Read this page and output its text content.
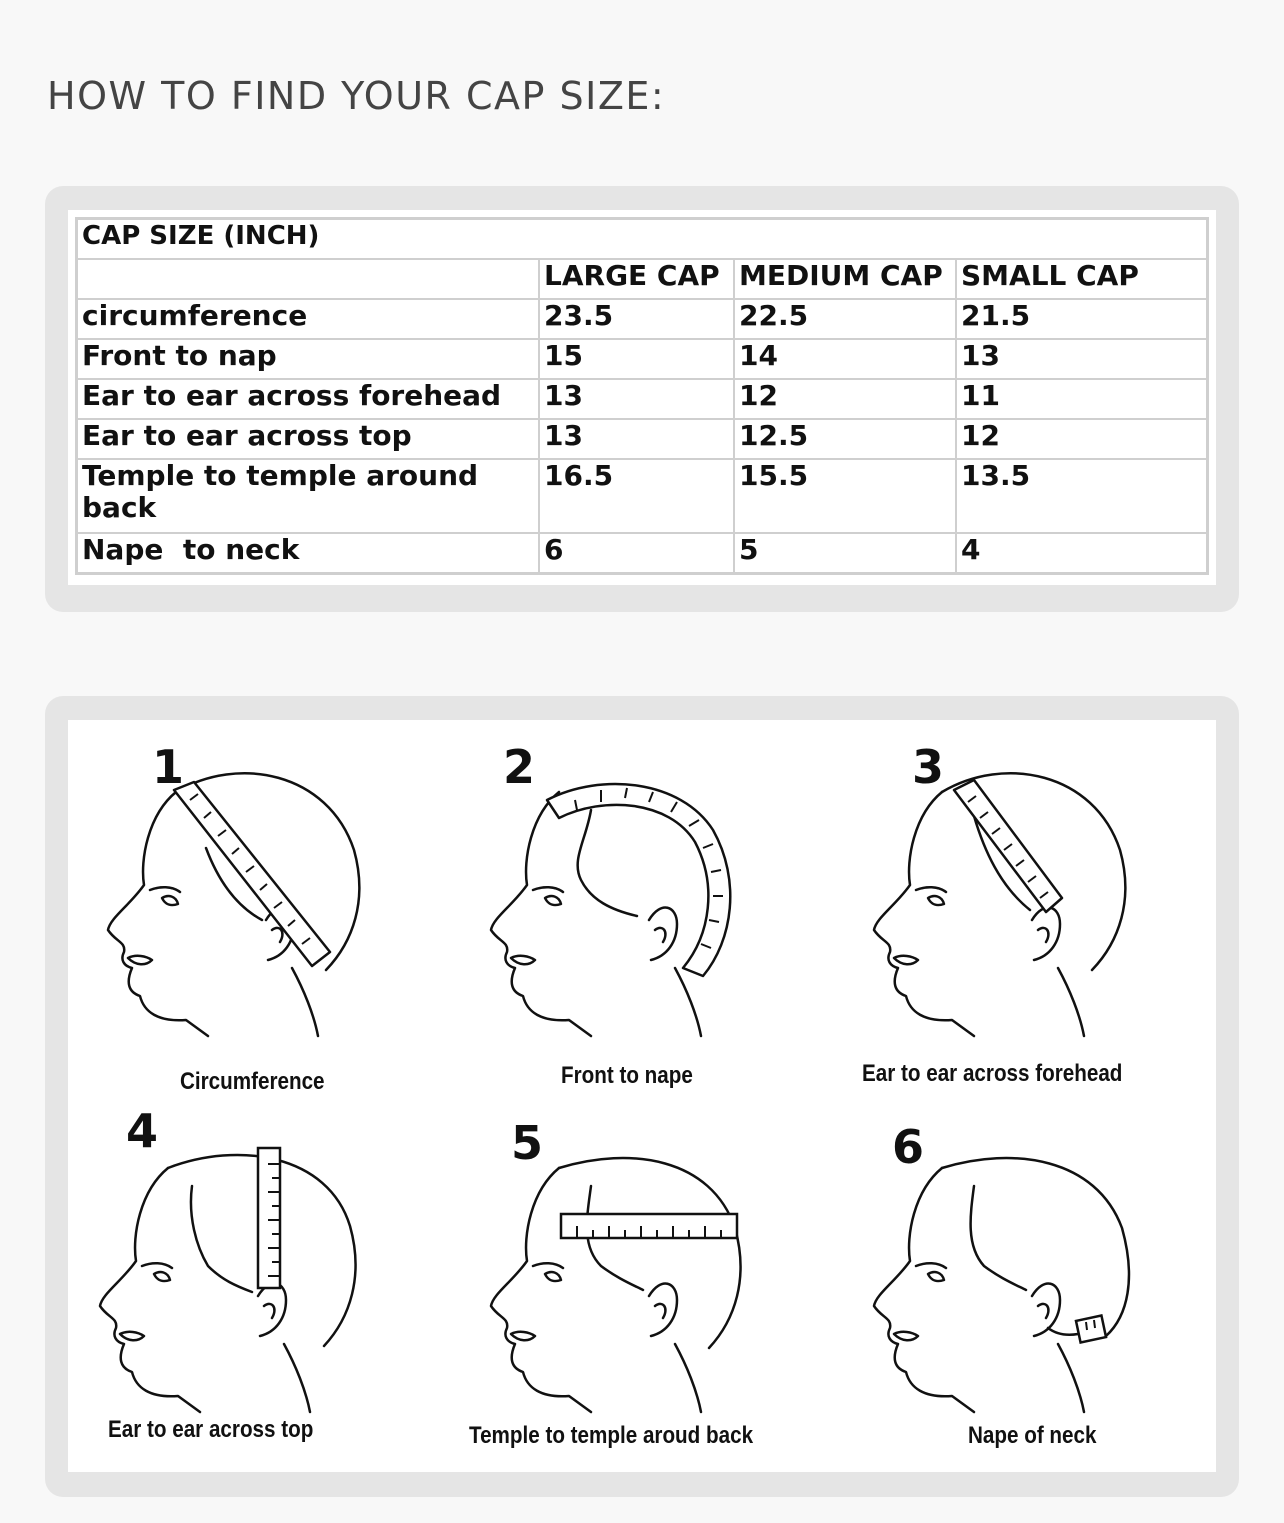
HOW TO FIND YOUR CAP SIZE:
CAP SIZE (INCH)			
	LARGE CAP	MEDIUM CAP	SMALL CAP
circumference	23.5	22.5	21.5
Front to nap	15	14	13
Ear to ear across forehead	13	12	11
Ear to ear across top	13	12.5	12
Temple to temple around back	16.5	15.5	13.5
Nape  to neck	6	5	4
1
Circumference
2
Front to nape
3
Ear to ear across forehead
4
Ear to ear across top
5
Temple to temple aroud back
6
Nape of neck
